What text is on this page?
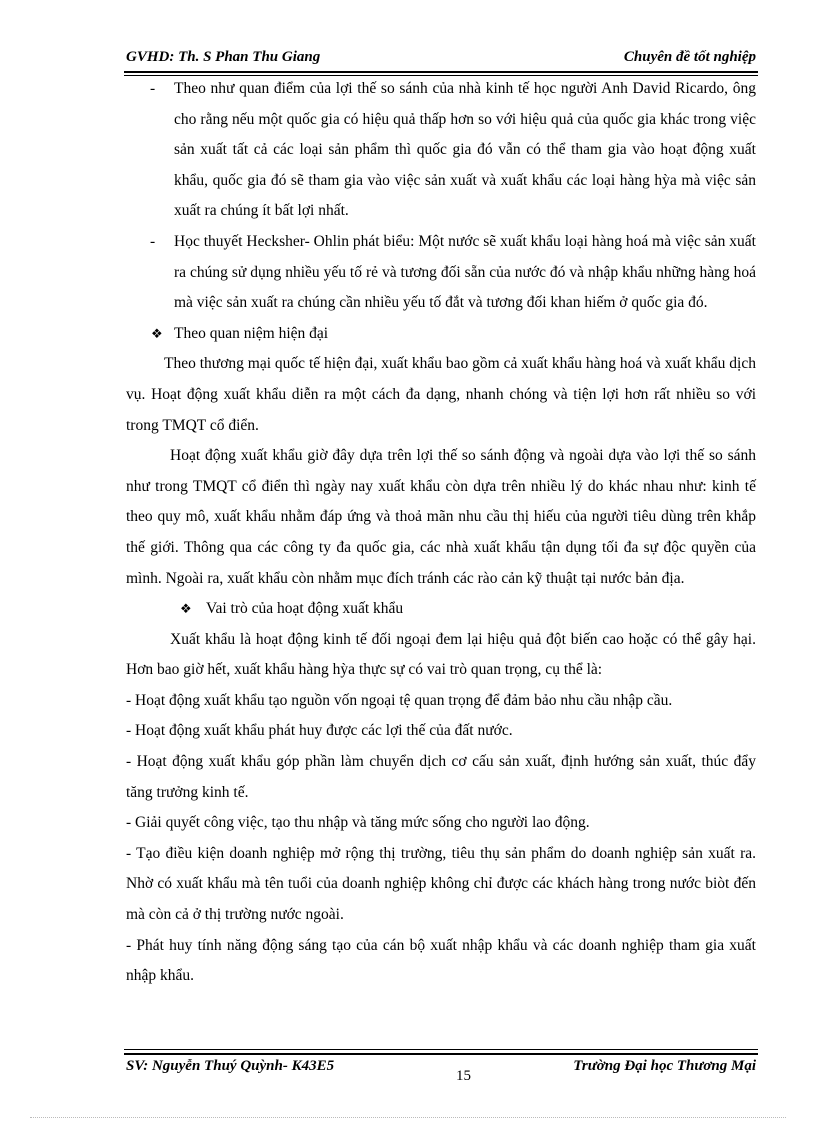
GVHD: Th. S Phan Thu Giang	Chuyên đề tốt nghiệp
- Theo như quan điểm của lợi thế so sánh của nhà kinh tế học người Anh David Ricardo, ông cho rằng nếu một quốc gia có hiệu quả thấp hơn so với hiệu quả của quốc gia khác trong việc sản xuất tất cả các loại sản phẩm thì quốc gia đó vẫn có thể tham gia vào hoạt động xuất khẩu, quốc gia đó sẽ tham gia vào việc sản xuất và xuất khẩu các loại hàng hỳa mà việc sản xuất ra chúng ít bất lợi nhất.
- Học thuyết Hecksher- Ohlin phát biểu: Một nước sẽ xuất khẩu loại hàng hoá mà việc sản xuất ra chúng sử dụng nhiều yếu tố rẻ và tương đối sẵn của nước đó và nhập khẩu những hàng hoá mà việc sản xuất ra chúng cần nhiều yếu tố đắt và tương đối khan hiếm ở quốc gia đó.
❖ Theo quan niệm hiện đại
Theo thương mại quốc tế hiện đại, xuất khẩu bao gồm cả xuất khẩu hàng hoá và xuất khẩu dịch vụ. Hoạt động xuất khẩu diễn ra một cách đa dạng, nhanh chóng và tiện lợi hơn rất nhiều so với trong TMQT cổ điển.
Hoạt động xuất khẩu giờ đây dựa trên lợi thế so sánh động và ngoài dựa vào lợi thế so sánh như trong TMQT cổ điển thì ngày nay xuất khẩu còn dựa trên nhiều lý do khác nhau như: kinh tế theo quy mô, xuất khẩu nhằm đáp ứng và thoả mãn nhu cầu thị hiếu của người tiêu dùng trên khắp thế giới. Thông qua các công ty đa quốc gia, các nhà xuất khẩu tận dụng tối đa sự độc quyền của mình. Ngoài ra, xuất khẩu còn nhằm mục đích tránh các rào cản kỹ thuật tại nước bản địa.
❖ Vai trò của hoạt động xuất khẩu
Xuất khẩu là hoạt động kinh tế đối ngoại đem lại hiệu quả đột biến cao hoặc có thể gây hại. Hơn bao giờ hết, xuất khẩu hàng hỳa thực sự có vai trò quan trọng, cụ thể là:
- Hoạt động xuất khẩu tạo nguồn vốn ngoại tệ quan trọng để đảm bảo nhu cầu nhập cầu.
- Hoạt động xuất khẩu phát huy được các lợi thế của đất nước.
- Hoạt động xuất khẩu góp phần làm chuyển dịch cơ cấu sản xuất, định hướng sản xuất, thúc đẩy tăng trưởng kinh tế.
- Giải quyết công việc, tạo thu nhập và tăng mức sống cho người lao động.
- Tạo điều kiện doanh nghiệp mở rộng thị trường, tiêu thụ sản phẩm do doanh nghiệp sản xuất ra. Nhờ có xuất khẩu mà tên tuổi của doanh nghiệp không chỉ được các khách hàng trong nước biòt đến mà còn cả ở thị trường nước ngoài.
- Phát huy tính năng động sáng tạo của cán bộ xuất nhập khẩu và các doanh nghiệp tham gia xuất nhập khẩu.
SV: Nguyễn Thuý Quỳnh- K43E5	Trường Đại học Thương Mại
15
